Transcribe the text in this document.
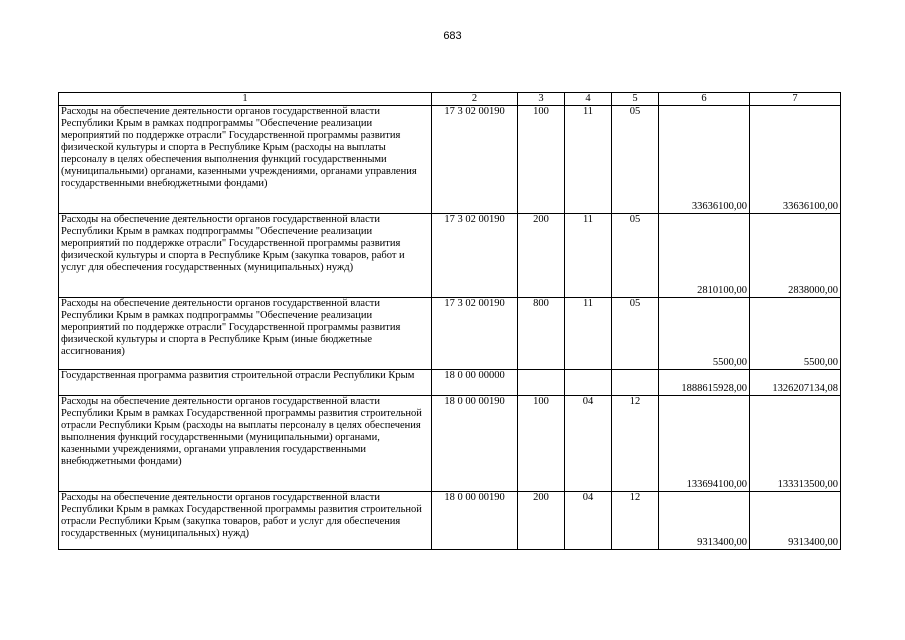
683
1	2	3	4	5	6	7
Расходы на обеспечение деятельности органов государственной власти Республики Крым в рамках подпрограммы "Обеспечение реализации мероприятий по поддержке отрасли" Государственной программы развития физической культуры и спорта в Республике Крым (расходы на выплаты персоналу в целях обеспечения выполнения функций государственными (муниципальными) органами, казенными учреждениями, органами управления государственными внебюджетными фондами)	17 3 02 00190	100	11	05	33636100,00	33636100,00
Расходы на обеспечение деятельности органов государственной власти Республики Крым в рамках подпрограммы "Обеспечение реализации мероприятий по поддержке отрасли" Государственной программы развития физической культуры и спорта в Республике Крым (закупка товаров, работ и услуг для обеспечения государственных (муниципальных) нужд)	17 3 02 00190	200	11	05	2810100,00	2838000,00
Расходы на обеспечение деятельности органов государственной власти Республики Крым в рамках подпрограммы "Обеспечение реализации мероприятий по поддержке отрасли" Государственной программы развития физической культуры и спорта в Республике Крым (иные бюджетные ассигнования)	17 3 02 00190	800	11	05	5500,00	5500,00
Государственная программа развития строительной отрасли Республики Крым	18 0 00 00000				1888615928,00	1326207134,08
Расходы на обеспечение деятельности органов государственной власти Республики Крым в рамках Государственной программы развития строительной отрасли Республики Крым (расходы на выплаты персоналу в целях обеспечения выполнения функций государственными (муниципальными) органами, казенными учреждениями, органами управления государственными внебюджетными фондами)	18 0 00 00190	100	04	12	133694100,00	133313500,00
Расходы на обеспечение деятельности органов государственной власти Республики Крым в рамках Государственной программы развития строительной отрасли Республики Крым (закупка товаров, работ и услуг для обеспечения государственных (муниципальных) нужд)	18 0 00 00190	200	04	12	9313400,00	9313400,00
